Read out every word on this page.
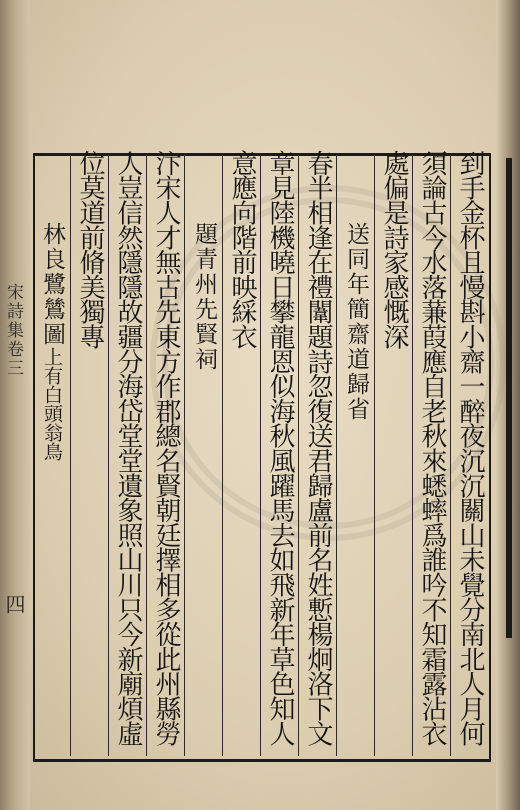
宋詩集卷三
四	到手金杯且慢斟小齋一醉夜沉沉關山未覺分南北人月何
須論古今水落蒹葭應自老秋來蟋蟀爲誰吟不知霜露沾衣
處偏是詩家感慨深
送同年簡齋道歸省
春半相逢在禮闈題詩忽復送君歸盧前名姓慙楊炯洛下文
章見陸機曉日攀龍恩似海秋風躍馬去如飛新年草色知人
意應向階前映綵衣
題青州先賢祠
汴宋人才無古先東方作郡總名賢朝廷擇相多從此州縣勞
人豈信然隱隱故疆分海岱堂堂遺象照山川只今新廟煩虛
位莫道前脩美獨專
林良鷺鷥圖上有白頭翁鳥
